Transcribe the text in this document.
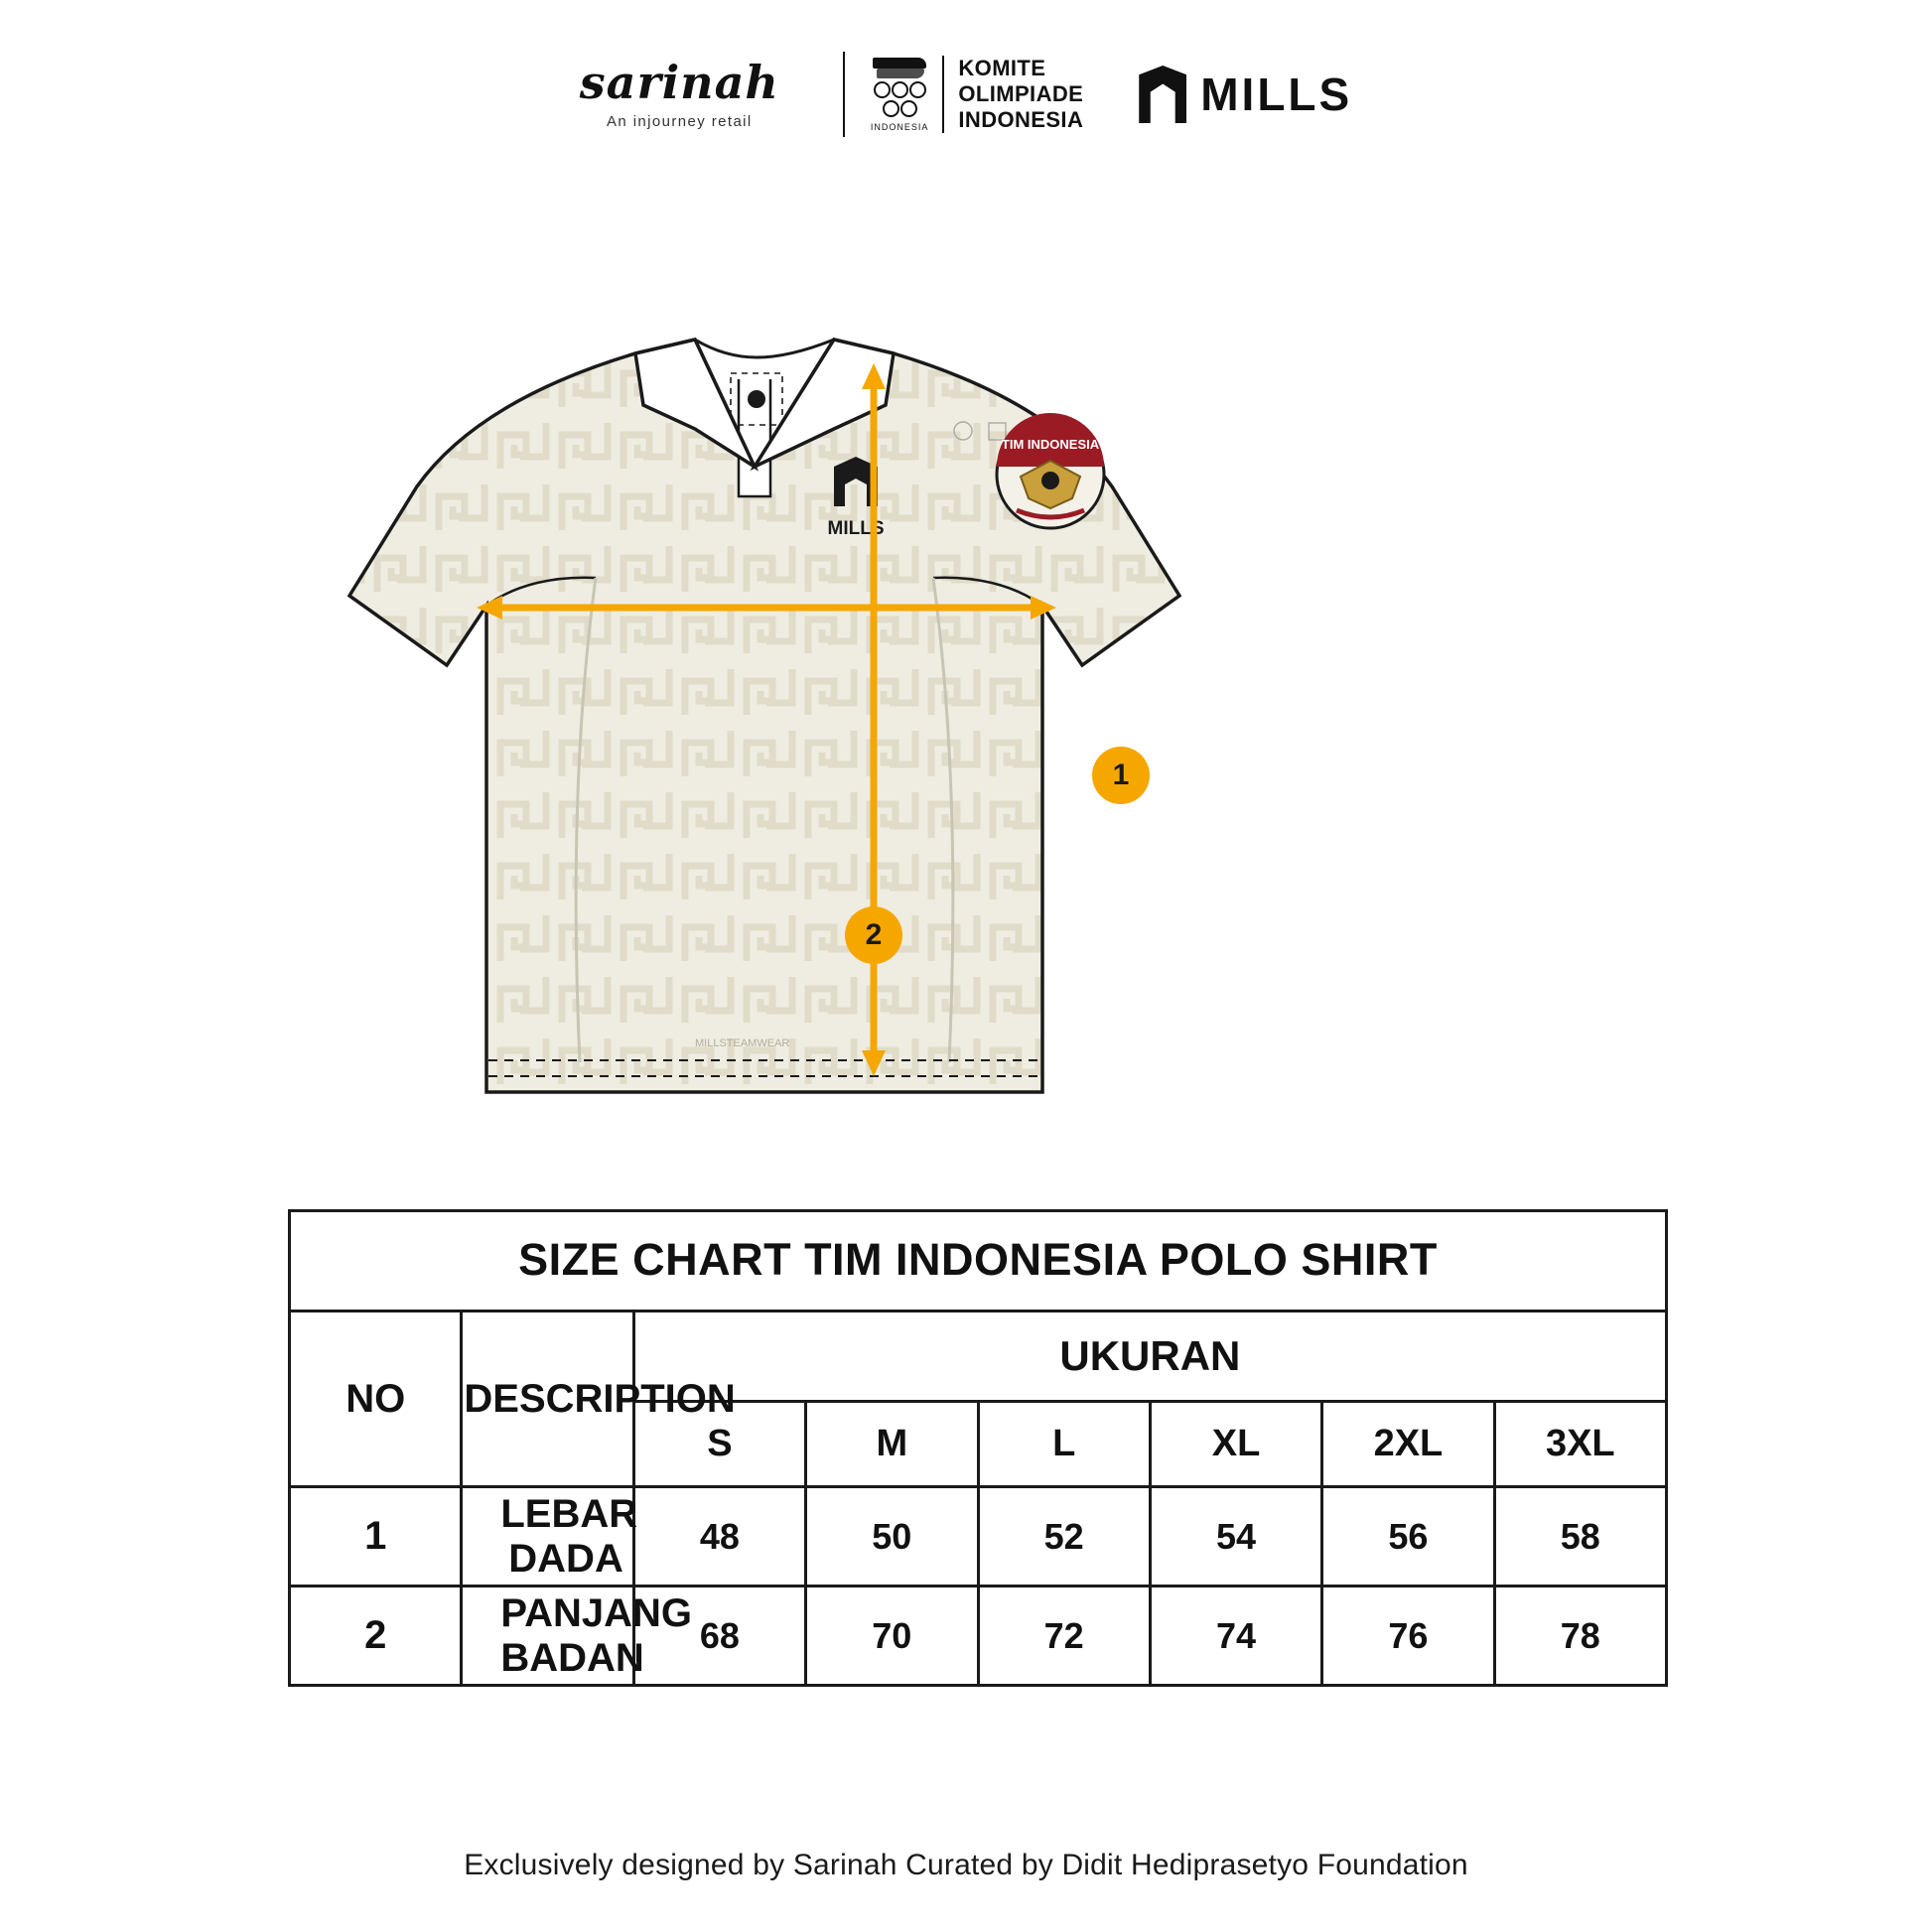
sarinah
An injourney retail	INDONESIA
KOMITE
OLIMPIADE
INDONESIA	MILLS
MILLS
TIM INDONESIA
MILLSTEAMWEAR
1
2
SIZE CHART TIM INDONESIA POLO SHIRT							
NO	DESCRIPTION	UKURAN					
		S	M	L	XL	2XL	3XL
1	LEBAR DADA	48	50	52	54	56	58
2	PANJANG BADAN	68	70	72	74	76	78
Exclusively designed by Sarinah Curated by Didit Hediprasetyo Foundation
